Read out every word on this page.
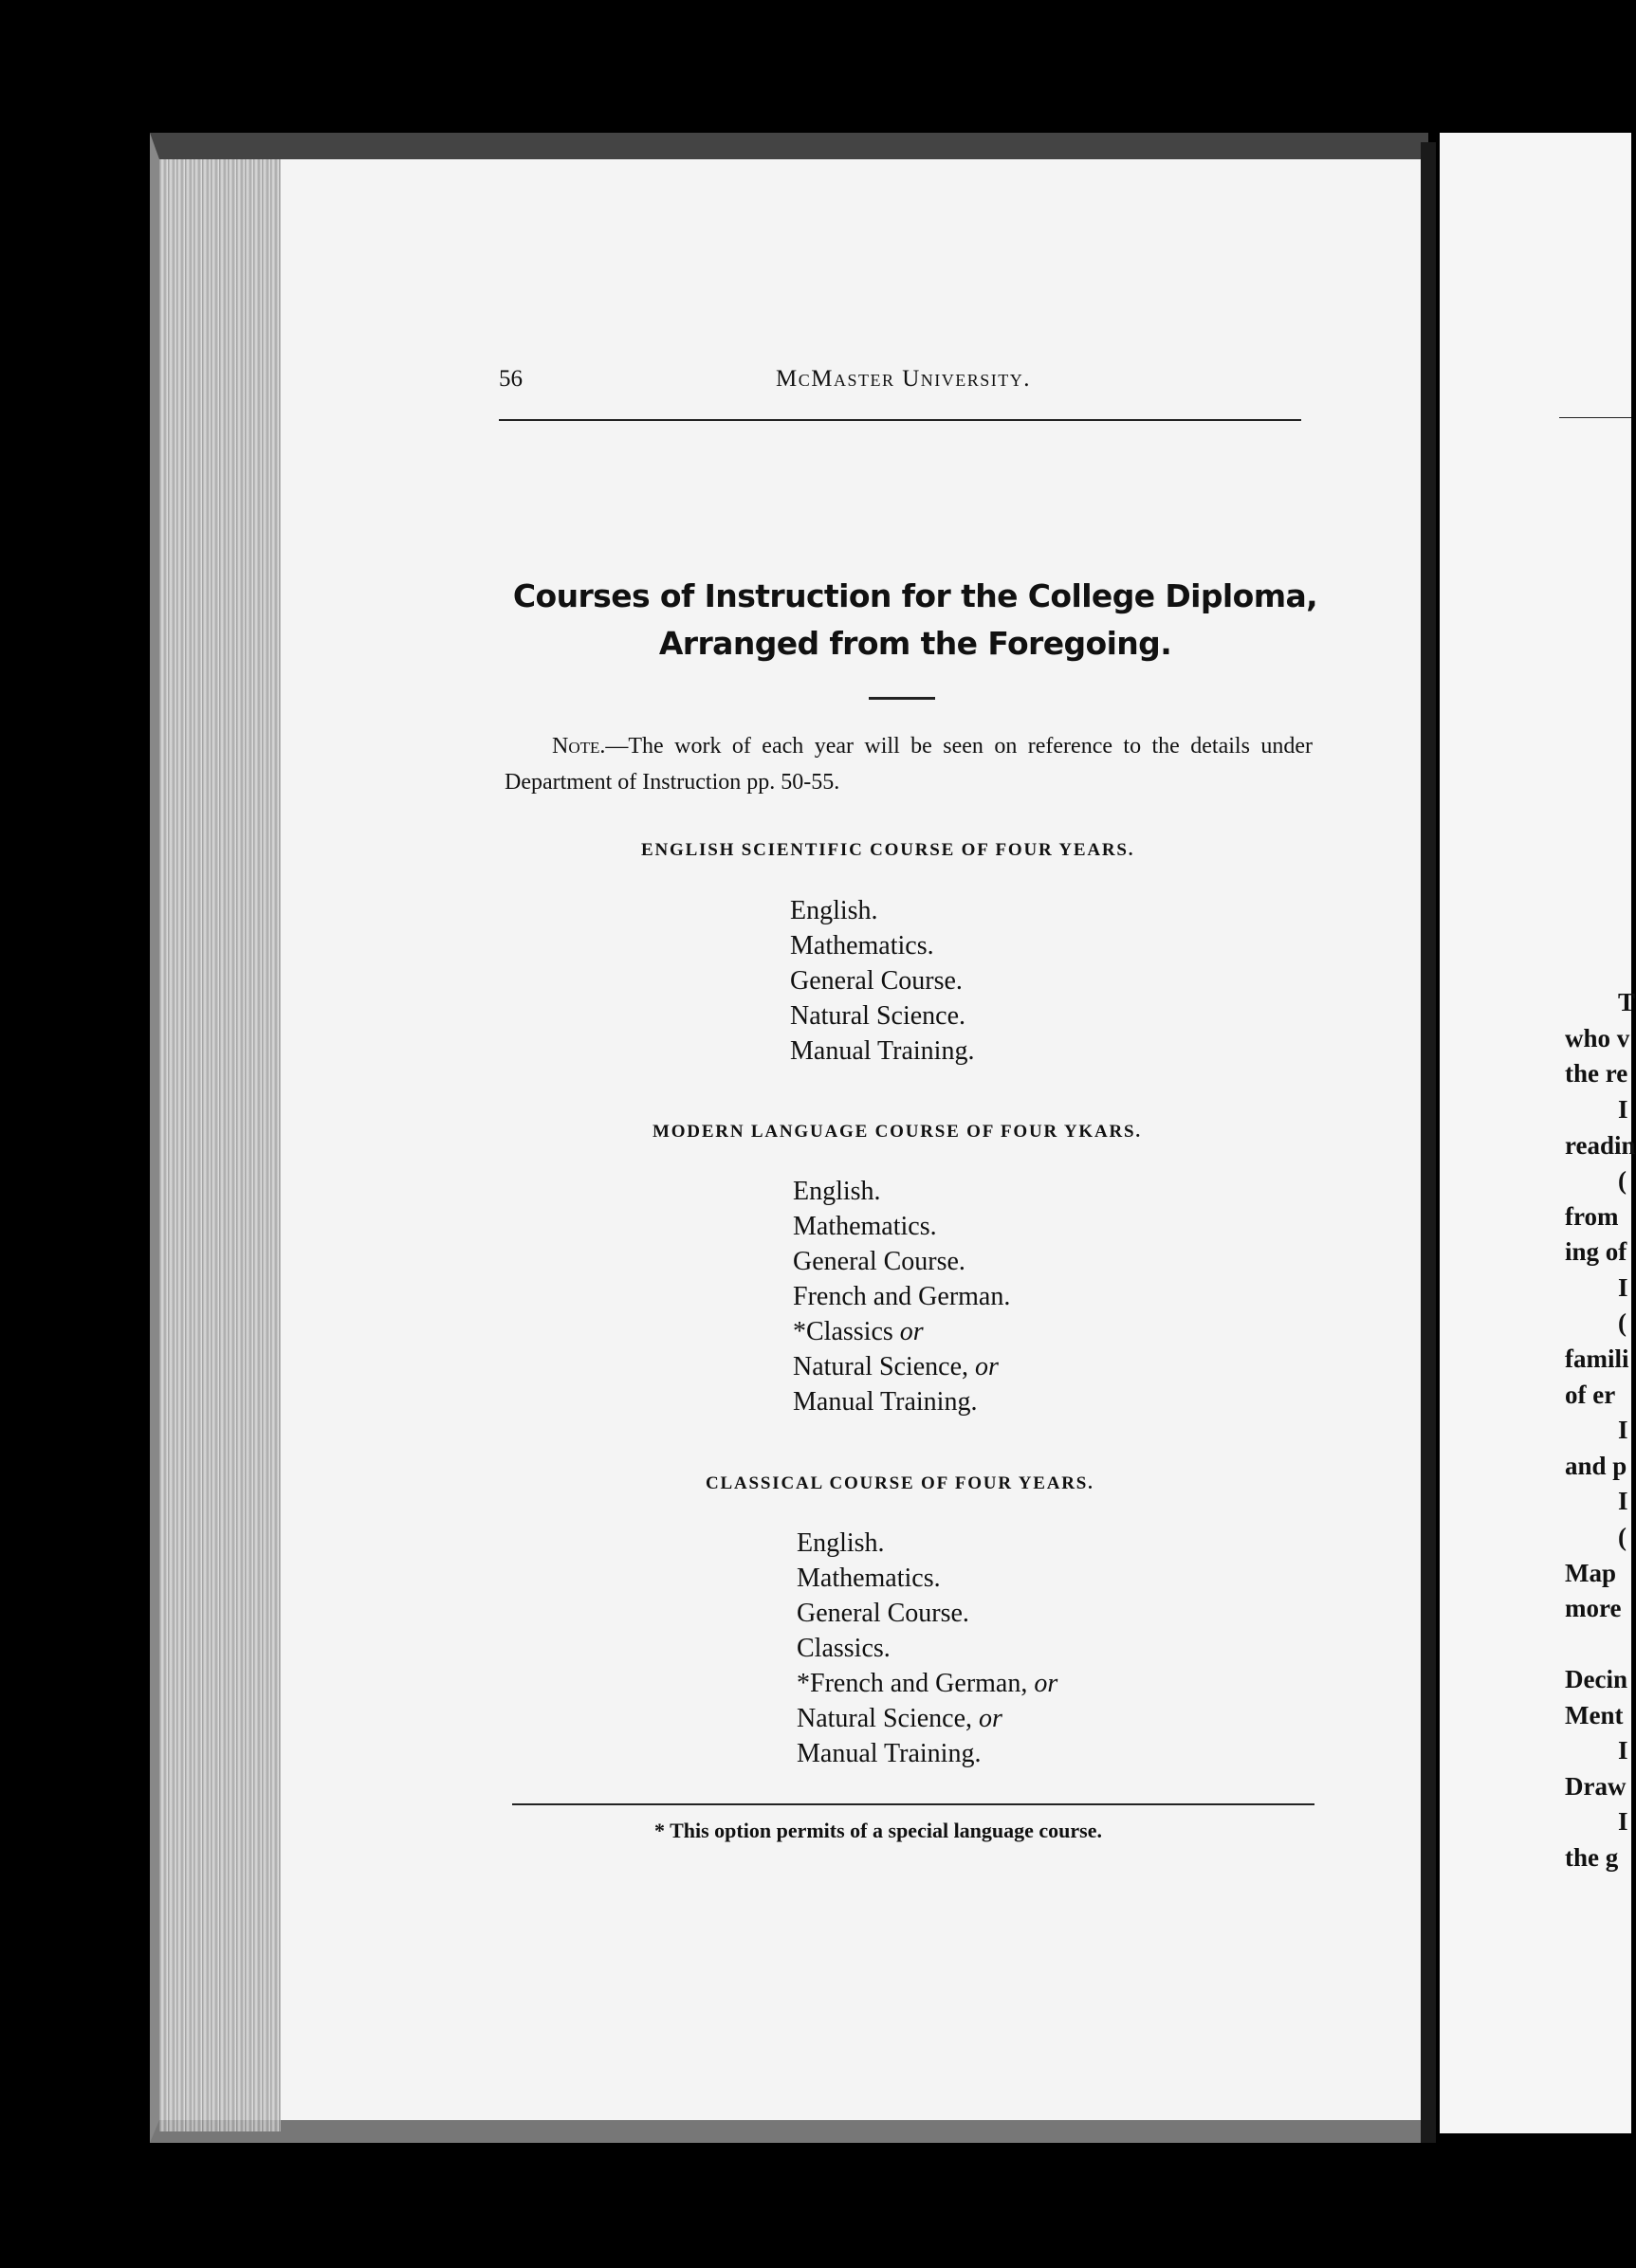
56	McMaster University.
Courses of Instruction for the College Diploma, Arranged from the Foregoing.
Note.—The work of each year will be seen on reference to the details under Department of Instruction pp. 50-55.
ENGLISH SCIENTIFIC COURSE OF FOUR YEARS.
English.
Mathematics.
General Course.
Natural Science.
Manual Training.
MODERN LANGUAGE COURSE OF FOUR YKARS.
English.
Mathematics.
General Course.
French and German.
*Classics or
Natural Science, or
Manual Training.
CLASSICAL COURSE OF FOUR YEARS.
English.
Mathematics.
General Course.
Classics.
*French and German, or
Natural Science, or
Manual Training.
* This option permits of a special language course.
T
who v
the re
I
readin
(
from
ing of
I
(
famili
of er
I
and p
I
(
Map
more
Decin
Ment
I
Draw
I
the g
